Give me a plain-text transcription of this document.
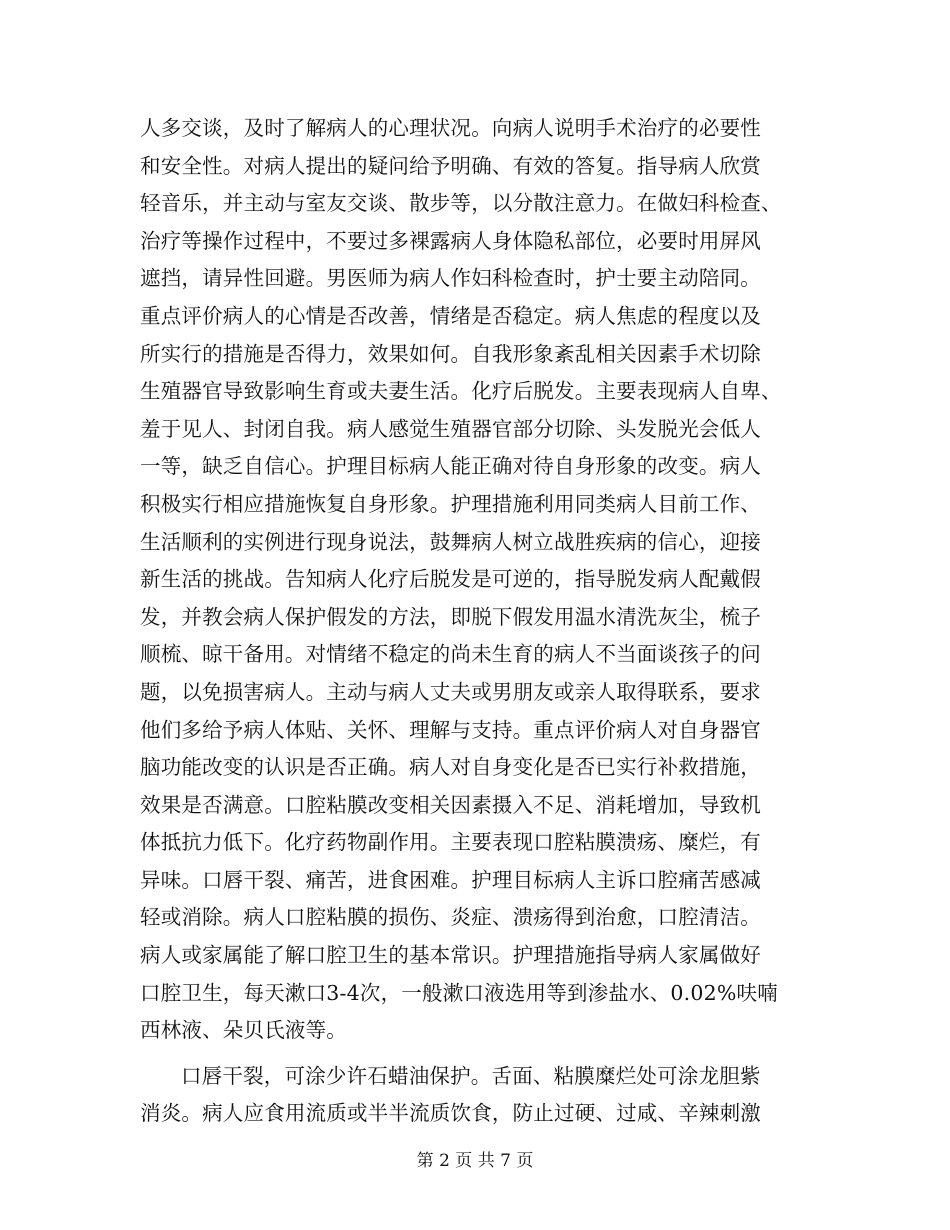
人多交谈，及时了解病人的心理状况。向病人说明手术治疗的必要性
和安全性。对病人提出的疑问给予明确、有效的答复。指导病人欣赏
轻音乐，并主动与室友交谈、散步等，以分散注意力。在做妇科检查、
治疗等操作过程中，不要过多裸露病人身体隐私部位，必要时用屏风
遮挡，请异性回避。男医师为病人作妇科检查时，护士要主动陪同。
重点评价病人的心情是否改善，情绪是否稳定。病人焦虑的程度以及
所实行的措施是否得力，效果如何。自我形象紊乱相关因素手术切除
生殖器官导致影响生育或夫妻生活。化疗后脱发。主要表现病人自卑、
羞于见人、封闭自我。病人感觉生殖器官部分切除、头发脱光会低人
一等，缺乏自信心。护理目标病人能正确对待自身形象的改变。病人
积极实行相应措施恢复自身形象。护理措施利用同类病人目前工作、
生活顺利的实例进行现身说法，鼓舞病人树立战胜疾病的信心，迎接
新生活的挑战。告知病人化疗后脱发是可逆的，指导脱发病人配戴假
发，并教会病人保护假发的方法，即脱下假发用温水清洗灰尘，梳子
顺梳、晾干备用。对情绪不稳定的尚未生育的病人不当面谈孩子的问
题，以免损害病人。主动与病人丈夫或男朋友或亲人取得联系，要求
他们多给予病人体贴、关怀、理解与支持。重点评价病人对自身器官
脑功能改变的认识是否正确。病人对自身变化是否已实行补救措施，
效果是否满意。口腔粘膜改变相关因素摄入不足、消耗增加，导致机
体抵抗力低下。化疗药物副作用。主要表现口腔粘膜溃疡、糜烂，有
异味。口唇干裂、痛苦，进食困难。护理目标病人主诉口腔痛苦感减
轻或消除。病人口腔粘膜的损伤、炎症、溃疡得到治愈，口腔清洁。
病人或家属能了解口腔卫生的基本常识。护理措施指导病人家属做好
口腔卫生，每天漱口3-4次，一般漱口液选用等到渗盐水、0.02%呋喃
西林液、朵贝氏液等。
口唇干裂，可涂少许石蜡油保护。舌面、粘膜糜烂处可涂龙胆紫
消炎。病人应食用流质或半半流质饮食，防止过硬、过咸、辛辣刺激
第 2 页 共 7 页
